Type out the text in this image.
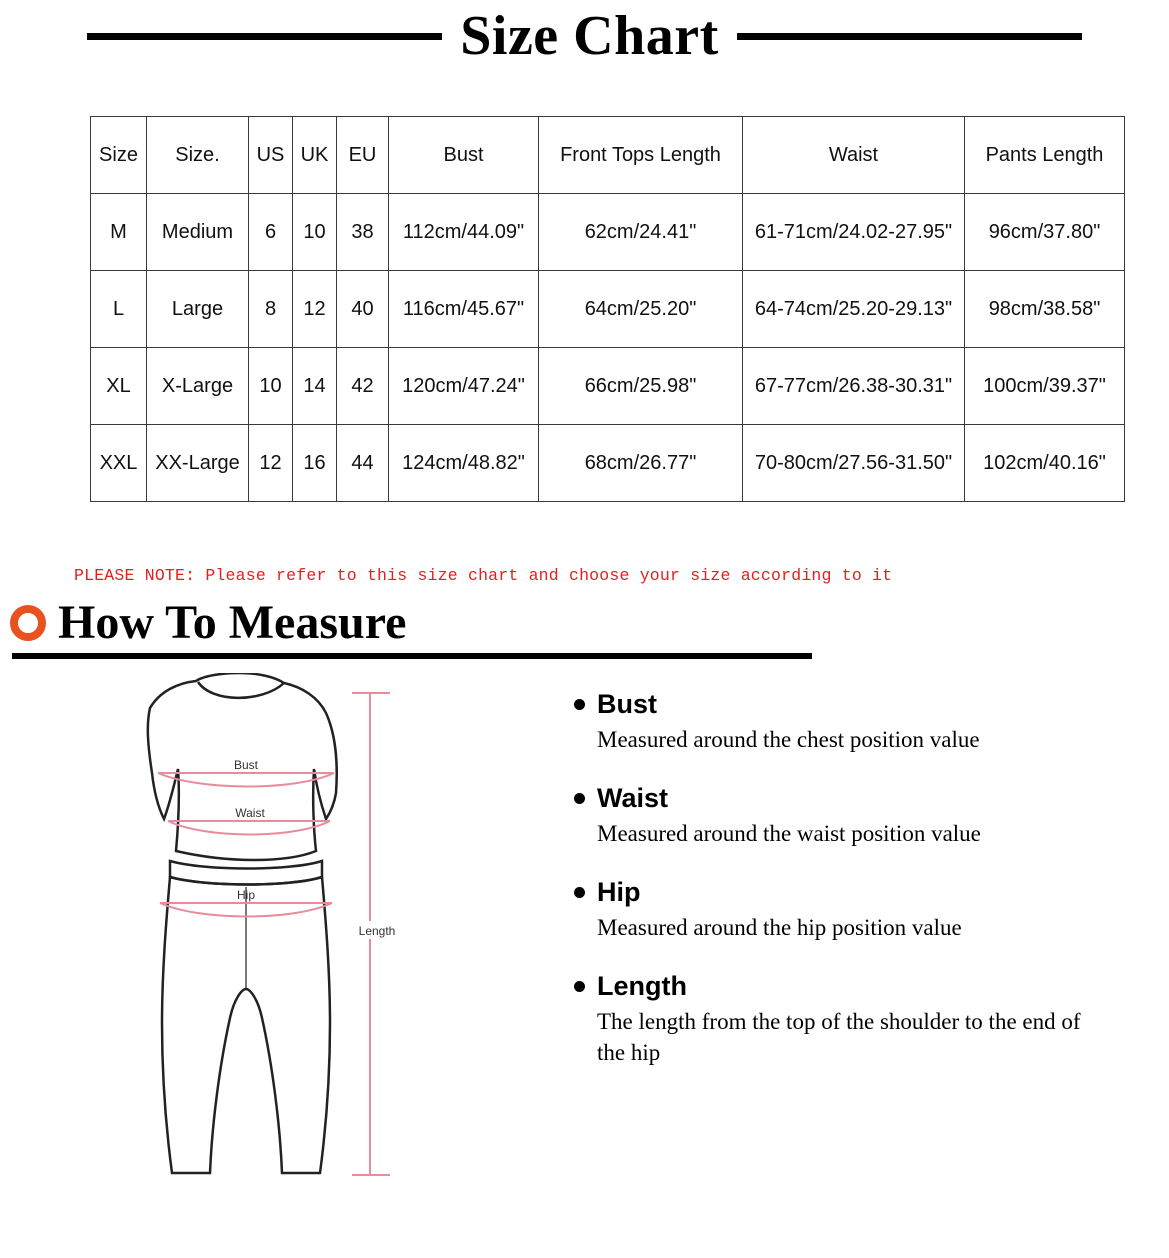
Size Chart
Size	Size.	US	UK	EU	Bust	Front Tops Length	Waist	Pants Length
M	Medium	6	10	38	112cm/44.09"	62cm/24.41"	61-71cm/24.02-27.95"	96cm/37.80"
L	Large	8	12	40	116cm/45.67"	64cm/25.20"	64-74cm/25.20-29.13"	98cm/38.58"
XL	X-Large	10	14	42	120cm/47.24"	66cm/25.98"	67-77cm/26.38-30.31"	100cm/39.37"
XXL	XX-Large	12	16	44	124cm/48.82"	68cm/26.77"	70-80cm/27.56-31.50"	102cm/40.16"
PLEASE NOTE: Please refer to this size chart and choose your size according to it
How To Measure
Bust
Waist
Hip
Length
Bust
Measured around the chest position value
Waist
Measured around the waist position value
Hip
Measured around the hip position value
Length
The length from the top of the shoulder to the end of the hip
